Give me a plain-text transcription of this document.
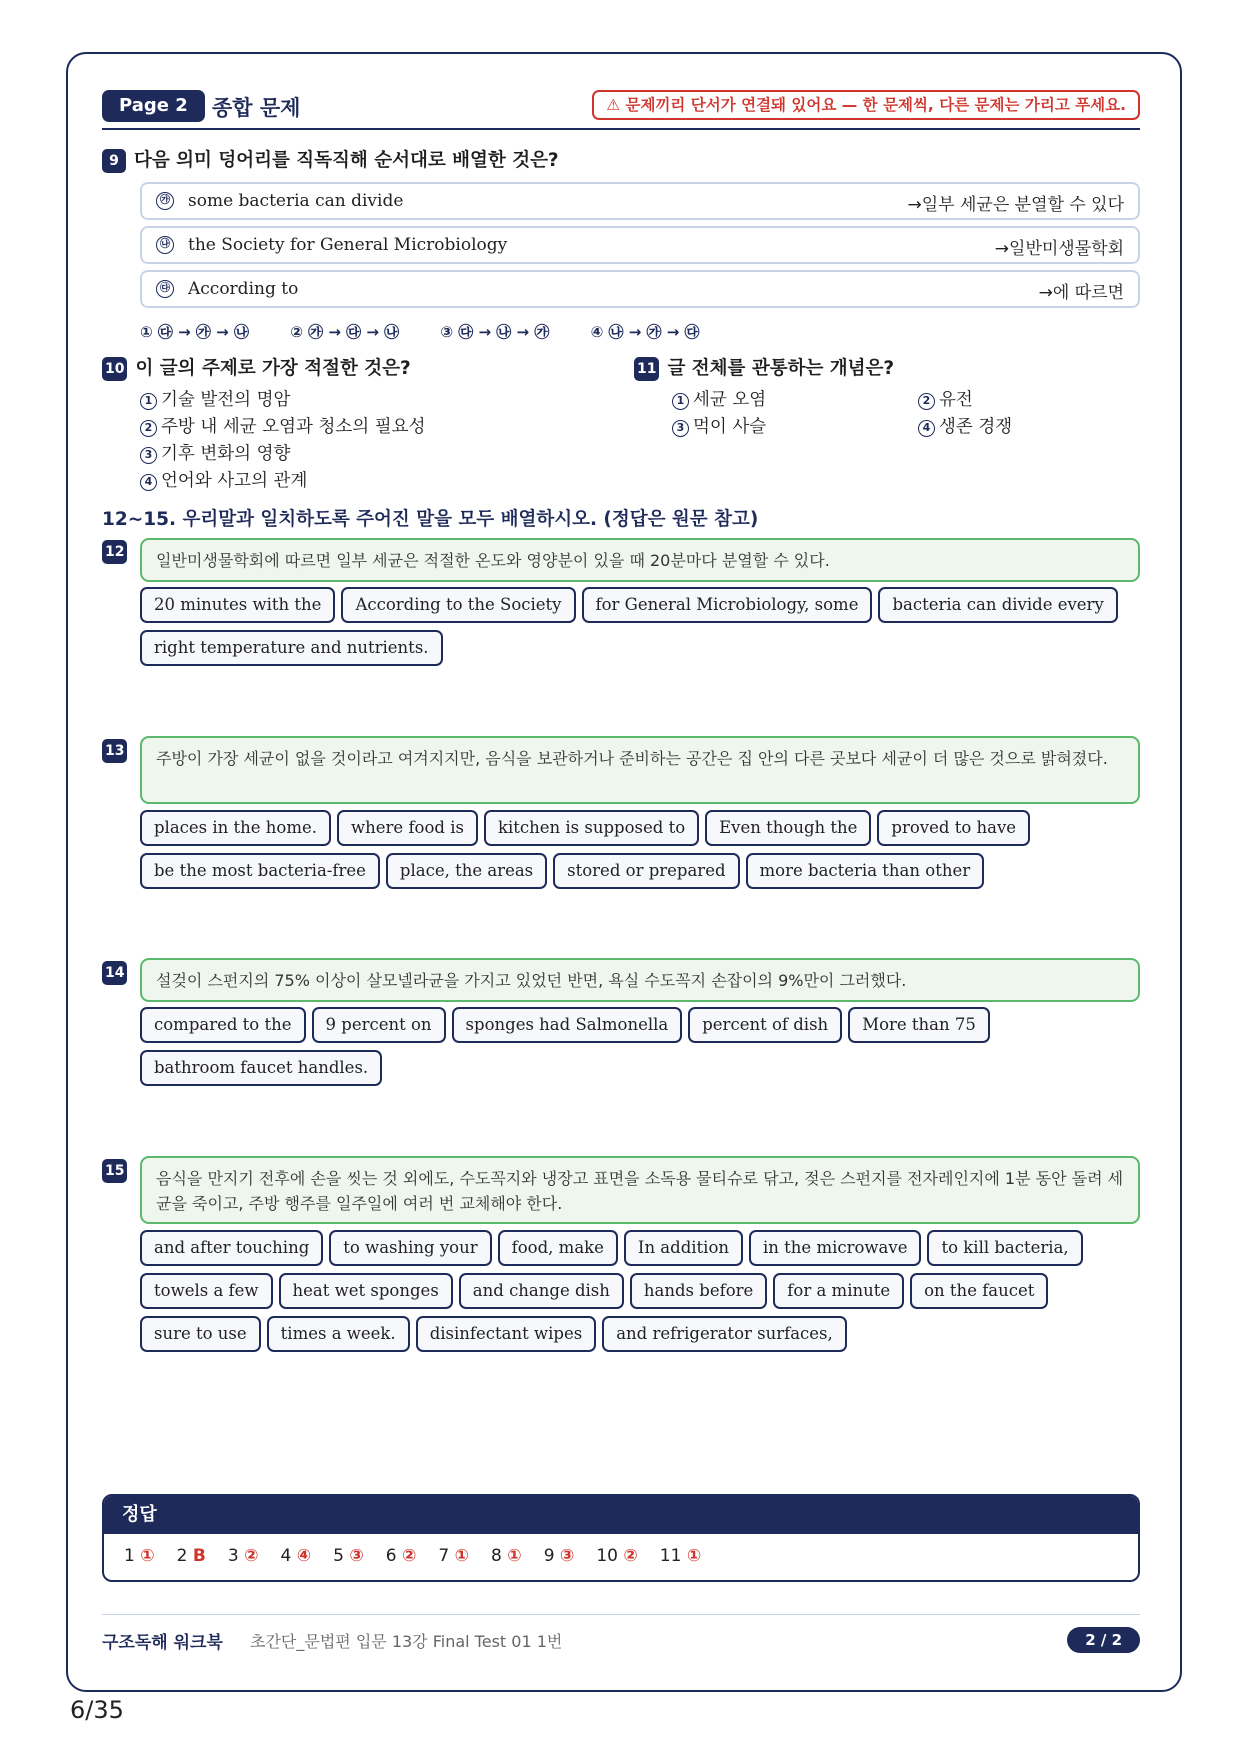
Page 2	종합 문제	⚠ 문제끼리 단서가 연결돼 있어요 — 한 문제씩, 다른 문제는 가리고 푸세요.
9 다음 의미 덩어리를 직독직해 순서대로 배열한 것은?
㉮ some bacteria can divide	→일부 세균은 분열할 수 있다
㉯ the Society for General Microbiology	→일반미생물학회
㉰ According to	→에 따르면
① ㉰ → ㉮ → ㉯	② ㉮ → ㉰ → ㉯	③ ㉰ → ㉯ → ㉮	④ ㉯ → ㉮ → ㉰
10 이 글의 주제로 가장 적절한 것은?
1 기술 발전의 명암
2 주방 내 세균 오염과 청소의 필요성
3 기후 변화의 영향
4 언어와 사고의 관계
11 글 전체를 관통하는 개념은?
1 세균 오염	2 유전
3 먹이 사슬	4 생존 경쟁
12~15. 우리말과 일치하도록 주어진 말을 모두 배열하시오. (정답은 원문 참고)
12	일반미생물학회에 따르면 일부 세균은 적절한 온도와 영양분이 있을 때 20분마다 분열할 수 있다.
20 minutes with the According to the Society for General Microbiology, some bacteria can divide everyright temperature and nutrients.
13	주방이 가장 세균이 없을 것이라고 여겨지지만, 음식을 보관하거나 준비하는 공간은 집 안의 다른 곳보다 세균이 더 많은 것으로 밝혀졌다.
places in the home. where food is kitchen is supposed to Even though the proved to havebe the most bacteria-free place, the areas stored or prepared more bacteria than other
14	설겆이 스펀지의 75% 이상이 살모넬라균을 가지고 있었던 반면, 욕실 수도꼭지 손잡이의 9%만이 그러했다.
compared to the 9 percent on sponges had Salmonella percent of dish More than 75bathroom faucet handles.
15	음식을 만지기 전후에 손을 씻는 것 외에도, 수도꼭지와 냉장고 표면을 소독용 물티슈로 닦고, 젖은 스펀지를 전자레인지에 1분 동안 돌려 세균을 죽이고, 주방 행주를 일주일에 여러 번 교체해야 한다.
and after touching to washing your food, make In addition in the microwave to kill bacteria,towels a few heat wet sponges and change dish hands before for a minute on the faucetsure to use times a week. disinfectant wipes and refrigerator surfaces,
정답
1 ① 2 B 3 ② 4 ④ 5 ③ 6 ② 7 ① 8 ① 9 ③ 10 ② 11 ①
구조독해 워크북 초간단_문법편 입문 13강 Final Test 01 1번	2 / 2
6/35
